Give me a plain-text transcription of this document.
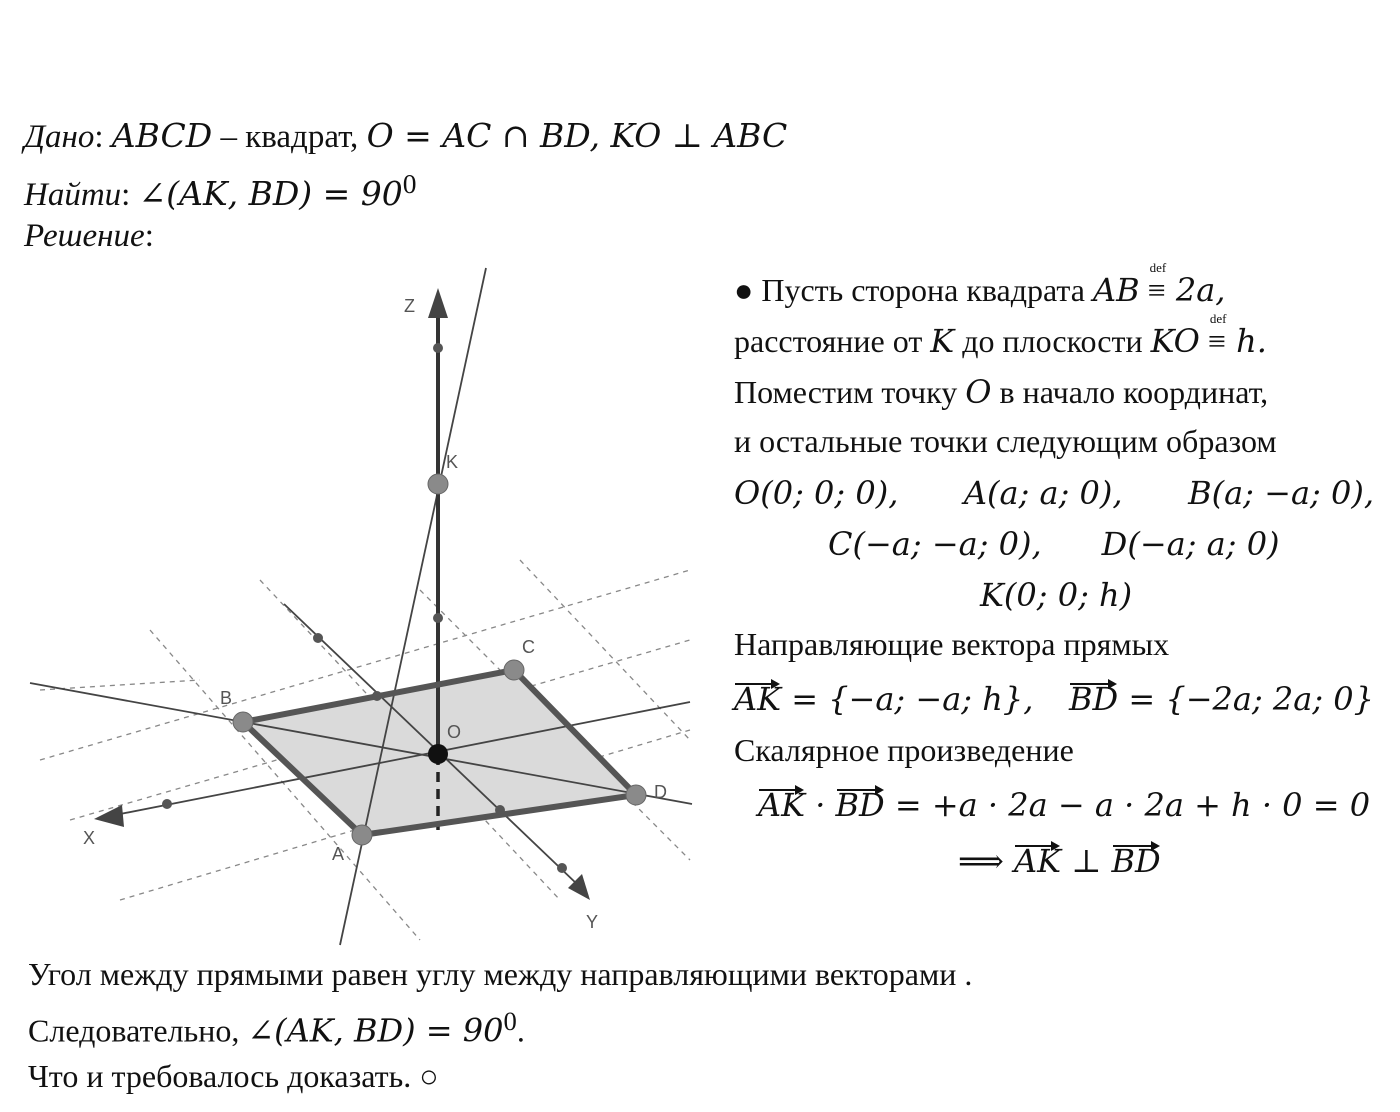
Дано: ABCD – квадрат, O = AC ∩ BD, KO ⊥ ABC
Найти: ∠(AK, $BD) = 90^0$
Решение:
Z
K
B
C
O
D
A
X
Y
● Пусть сторона квадрата AB
def
≡ 2a,
расстояние от K до плоскости KO
def
≡ h.
Поместим точку O в начало координат,
и остальные точки следующим образом
O(0; 0; 0), A(a; a; 0), B(a; −a; 0),
C(−a; −a; 0), D(−a; a; 0)
K(0; 0; h)
Направляющие вектора прямых
AK = {−a; −a; h}, BD = {−2a; 2a; 0}
Скалярное произведение
AK · BD = +a · 2a − a · 2a + h · 0 = 0
⟹ AK ⊥ BD
Угол между прямыми равен углу между направляющими векторами .
Следовательно, ∠(AK, $BD) = 90^0$.
Что и требовалось доказать. ○
